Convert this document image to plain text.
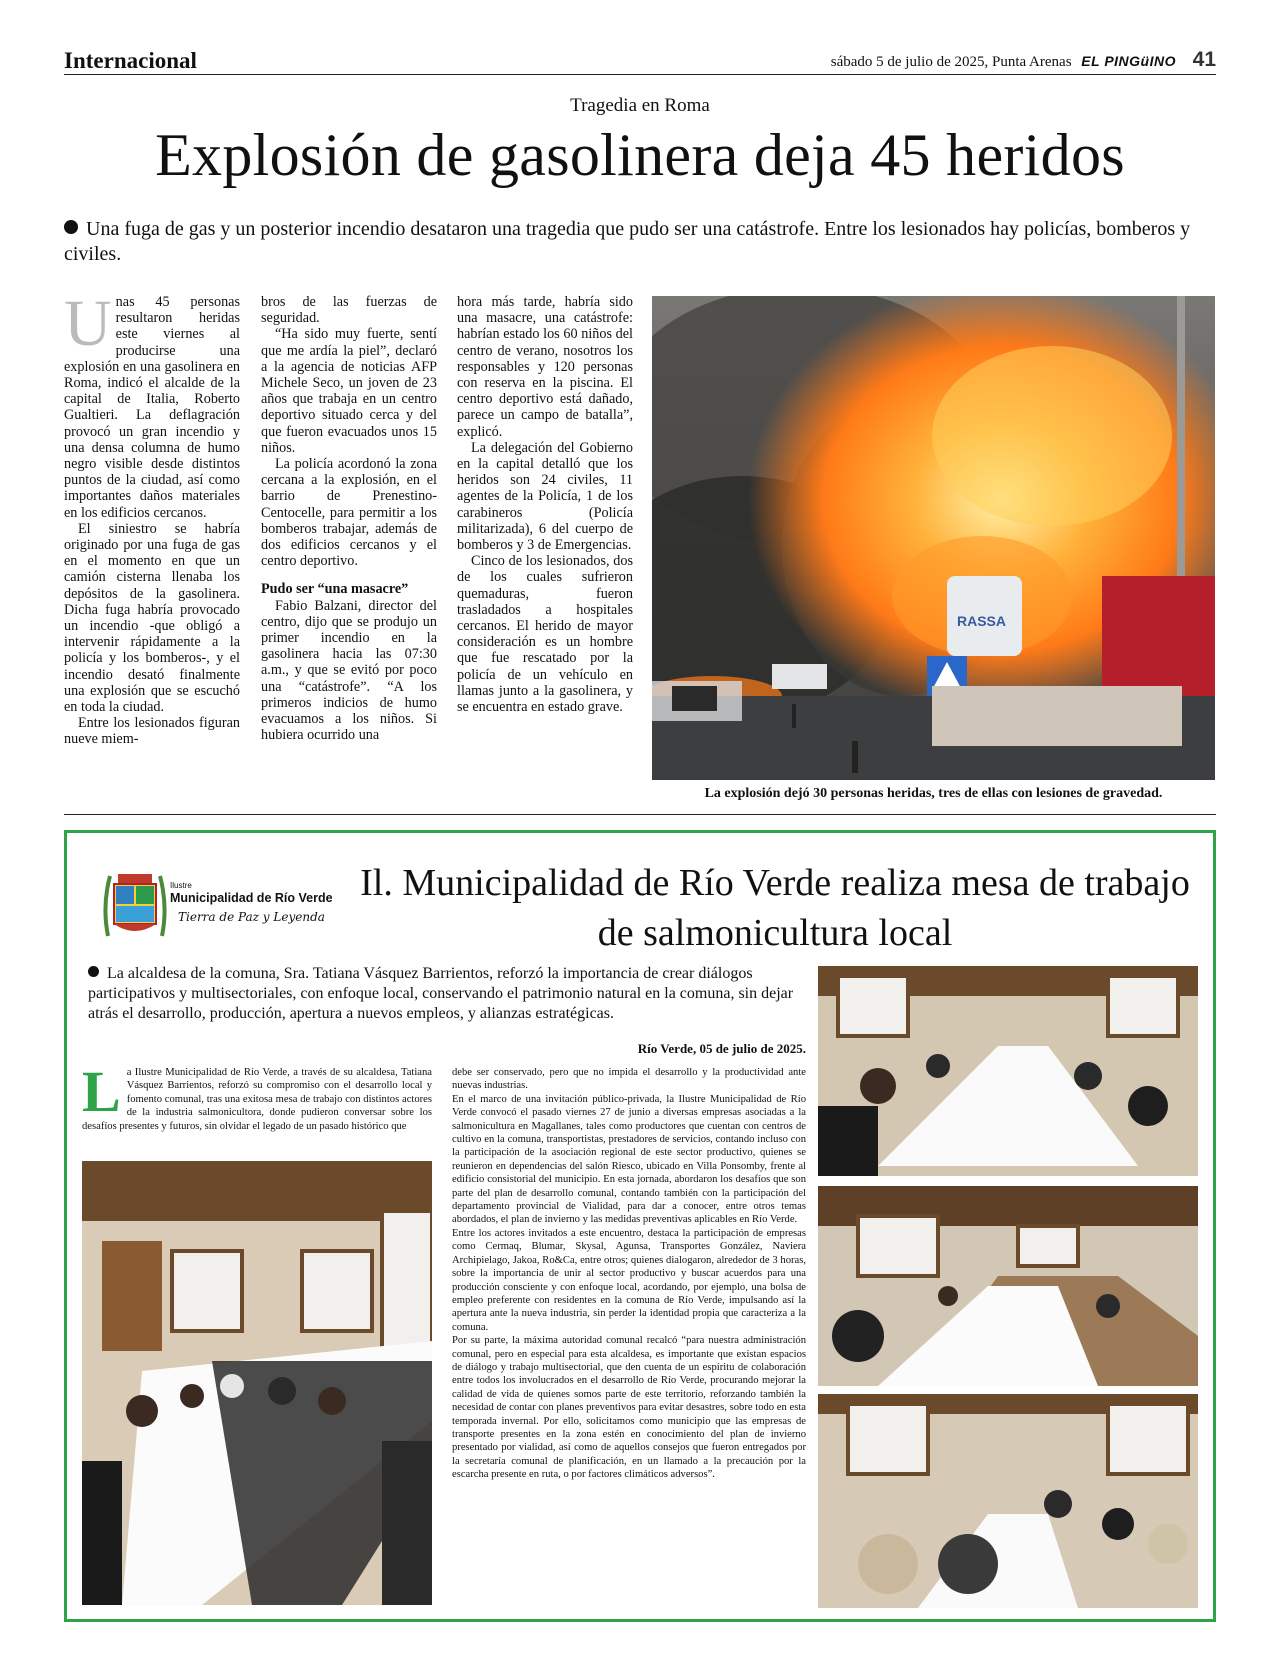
Internacional	sábado 5 de julio de 2025, Punta Arenas EL PINGüINO 41
Tragedia en Roma
Explosión de gasolinera deja 45 heridos
Una fuga de gas y un posterior incendio desataron una tragedia que pudo ser una catástrofe. Entre los lesionados hay policías, bomberos y civiles.

Unas 45 personas resultaron heridas este viernes al producirse una explosión en una gasolinera en Roma, indicó el alcalde de la capital de Italia, Roberto Gualtieri. La deflagración provocó un gran incendio y una densa columna de humo negro visible desde distintos puntos de la ciudad, así como importantes daños materiales en los edificios cercanos.

El siniestro se habría originado por una fuga de gas en el momento en que un camión cisterna llenaba los depósitos de la gasolinera. Dicha fuga habría provocado un incendio -que obligó a intervenir rápidamente a la policía y los bomberos-, y el incendio desató finalmente una explosión que se escuchó en toda la ciudad.

Entre los lesionados figuran nueve miem-

bros de las fuerzas de seguridad.

“Ha sido muy fuerte, sentí que me ardía la piel”, declaró a la agencia de noticias AFP Michele Seco, un joven de 23 años que trabaja en un centro deportivo situado cerca y del que fueron evacuados unos 15 niños.

La policía acordonó la zona cercana a la explosión, en el barrio de Prenestino-Centocelle, para permitir a los bomberos trabajar, además de dos edificios cercanos y el centro deportivo.

Pudo ser “una masacre”

Fabio Balzani, director del centro, dijo que se produjo un primer incendio en la gasolinera hacia las 07:30 a.m., y que se evitó por poco una “catástrofe”. “A los primeros indicios de humo evacuamos a los niños. Si hubiera ocurrido una

hora más tarde, habría sido una masacre, una catástrofe: habrían estado los 60 niños del centro de verano, nosotros los responsables y 120 personas con reserva en la piscina. El centro deportivo está dañado, parece un campo de batalla”, explicó.

La delegación del Gobierno en la capital detalló que los heridos son 24 civiles, 11 agentes de la Policía, 1 de los carabineros (Policía militarizada), 6 del cuerpo de bomberos y 3 de Emergencias.

Cinco de los lesionados, dos de los cuales sufrieron quemaduras, fueron trasladados a hospitales cercanos. El herido de mayor consideración es un hombre que fue rescatado por la policía de un vehículo en llamas junto a la gasolinera, y se encuentra en estado grave.

RASSA
La explosión dejó 30 personas heridas, tres de ellas con lesiones de gravedad.
Ilustre
Municipalidad de Río Verde
Tierra de Paz y Leyenda
Il. Municipalidad de Río Verde realiza mesa de trabajo de salmonicultura local
La alcaldesa de la comuna, Sra. Tatiana Vásquez Barrientos, reforzó la importancia de crear diálogos participativos y multisectoriales, con enfoque local, conservando el patrimonio natural en la comuna, sin dejar atrás el desarrollo, producción, apertura a nuevos empleos, y alianzas estratégicas.
Río Verde, 05 de julio de 2025.
La Ilustre Municipalidad de Río Verde, a través de su alcaldesa, Tatiana Vásquez Barrientos, reforzó su compromiso con el desarrollo local y fomento comunal, tras una exitosa mesa de trabajo con distintos actores de la industria salmonicultora, donde pudieron conversar sobre los desafíos presentes y futuros, sin olvidar el legado de un pasado histórico que

debe ser conservado, pero que no impida el desarrollo y la productividad ante nuevas industrias.

En el marco de una invitación público-privada, la Ilustre Municipalidad de Río Verde convocó el pasado viernes 27 de junio a diversas empresas asociadas a la salmonicultura en Magallanes, tales como productores que cuentan con centros de cultivo en la comuna, transportistas, prestadores de servicios, contando incluso con la participación de la asociación regional de este sector productivo, quienes se reunieron en dependencias del salón Riesco, ubicado en Villa Ponsomby, frente al edificio consistorial del municipio. En esta jornada, abordaron los desafíos que son parte del plan de desarrollo comunal, contando también con la participación del departamento provincial de Vialidad, para dar a conocer, entre otros temas abordados, el plan de invierno y las medidas preventivas aplicables en Río Verde.

Entre los actores invitados a este encuentro, destaca la participación de empresas como Cermaq, Blumar, Skysal, Agunsa, Transportes González, Naviera Archipielago, Jakoa, Ro&Ca, entre otros; quienes dialogaron, alrededor de 3 horas, sobre la importancia de unir al sector productivo y buscar acuerdos para una producción consciente y con enfoque local, acordando, por ejemplo, una bolsa de empleo preferente con residentes en la comuna de Río Verde, impulsando así la apertura ante la nueva industria, sin perder la identidad propia que caracteriza a la comuna.

Por su parte, la máxima autoridad comunal recalcó “para nuestra administración comunal, pero en especial para esta alcaldesa, es importante que existan espacios de diálogo y trabajo multisectorial, que den cuenta de un espíritu de colaboración entre todos los involucrados en el desarrollo de Río Verde, procurando mejorar la calidad de vida de quienes somos parte de este territorio, reforzando también la necesidad de contar con planes preventivos para evitar desastres, sobre todo en esta temporada invernal. Por ello, solicitamos como municipio que las empresas de transporte presentes en la zona estén en conocimiento del plan de invierno presentado por vialidad, así como de aquellos consejos que fueron entregados por la secretaría comunal de planificación, en un llamado a la precaución por la escarcha presente en ruta, o por factores climáticos adversos”.
